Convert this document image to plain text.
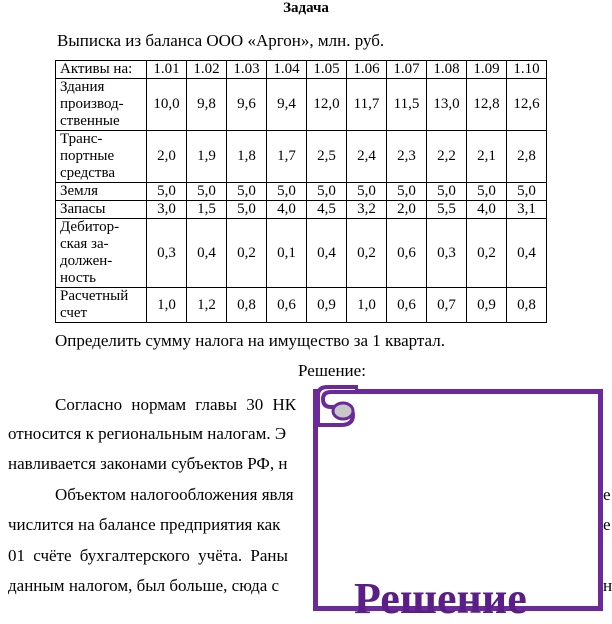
Задача
Выписка из баланса ООО «Аргон», млн. руб.
Активы на:	1.01	1.02	1.03	1.04	1.05	1.06	1.07	1.08	1.09	1.10

Здания
производ-
ственные	10,0	9,8	9,6	9,4	12,0	11,7	11,5	13,0	12,8	12,6

Транс-
портные
средства	2,0	1,9	1,8	1,7	2,5	2,4	2,3	2,2	2,1	2,8

Земля	5,0	5,0	5,0	5,0	5,0	5,0	5,0	5,0	5,0	5,0

Запасы	3,0	1,5	5,0	4,0	4,5	3,2	2,0	5,5	4,0	3,1

Дебитор-
ская за-
должен-
ность	0,3	0,4	0,2	0,1	0,4	0,2	0,6	0,3	0,2	0,4

Расчетный
счет	1,0	1,2	0,8	0,6	0,9	1,0	0,6	0,7	0,9	0,8
Определить сумму налога на имущество за 1 квартал.
Решение:
Согласно нормам главы 30 НК
относится к региональным налогам. Э
навливается законами субъектов РФ, н
Объектом налогообложения явля
числится на балансе предприятия как
01 счёте бухгалтерского учёта. Раны
данным налогом, был больше, сюда с
е
е
н
Решение
